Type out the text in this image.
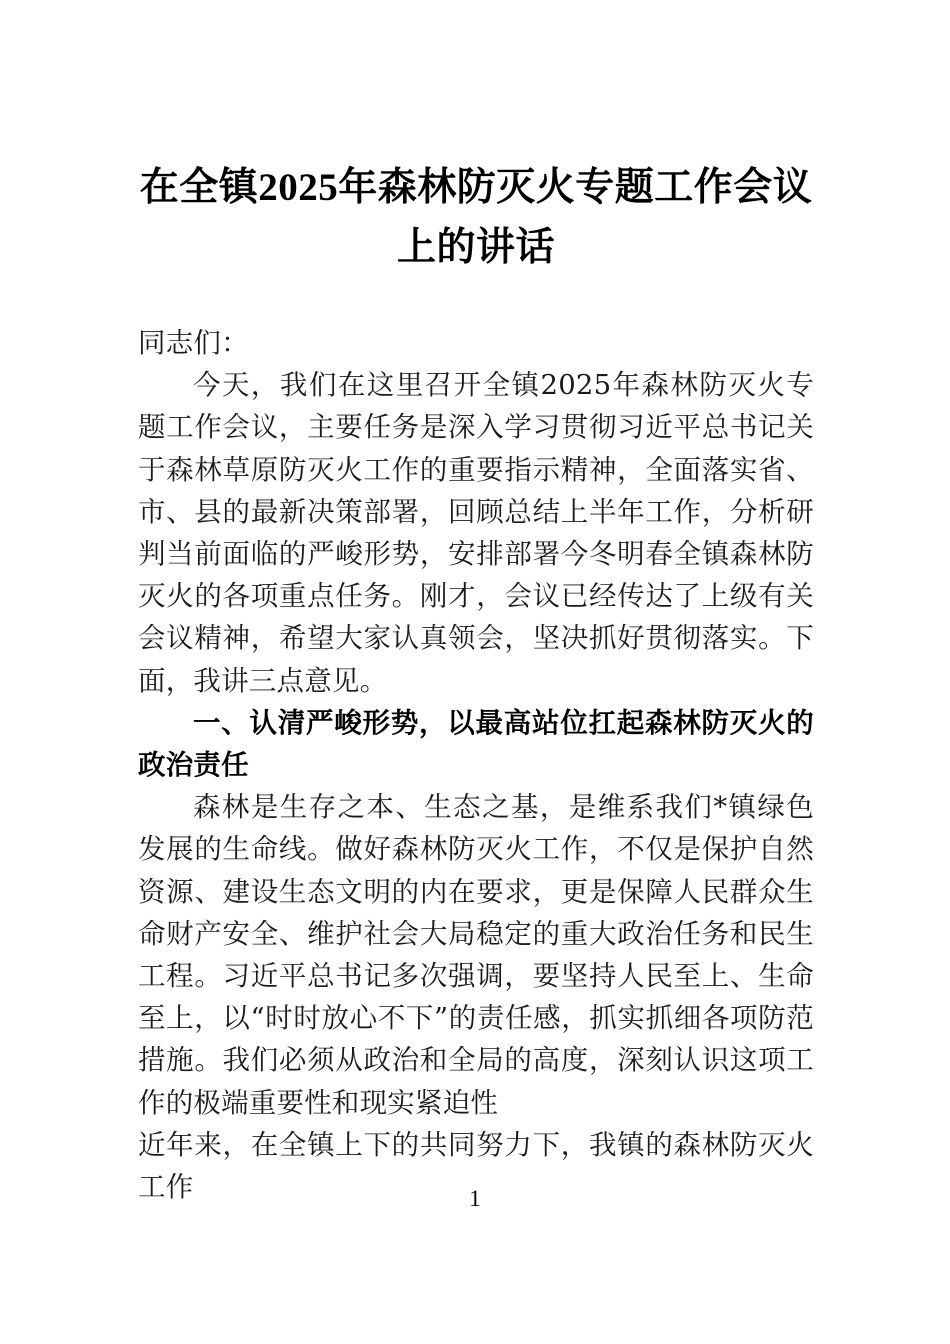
在全镇2025年森林防灭火专题工作会议上的讲话

同志们：

今天，我们在这里召开全镇2025年森林防灭火专题工作会议，主要任务是深入学习贯彻习近平总书记关于森林草原防灭火工作的重要指示精神，全面落实省、市、县的最新决策部署，回顾总结上半年工作，分析研判当前面临的严峻形势，安排部署今冬明春全镇森林防灭火的各项重点任务。刚才，会议已经传达了上级有关会议精神，希望大家认真领会，坚决抓好贯彻落实。下面，我讲三点意见。

一、认清严峻形势，以最高站位扛起森林防灭火的政治责任

森林是生存之本、生态之基，是维系我们*镇绿色发展的生命线。做好森林防灭火工作，不仅是保护自然资源、建设生态文明的内在要求，更是保障人民群众生命财产安全、维护社会大局稳定的重大政治任务和民生工程。习近平总书记多次强调，要坚持人民至上、生命至上，以“时时放心不下”的责任感，抓实抓细各项防范措施。我们必须从政治和全局的高度，深刻认识这项工作的极端重要性和现实紧迫性

近年来，在全镇上下的共同努力下，我镇的森林防灭火工作	1
